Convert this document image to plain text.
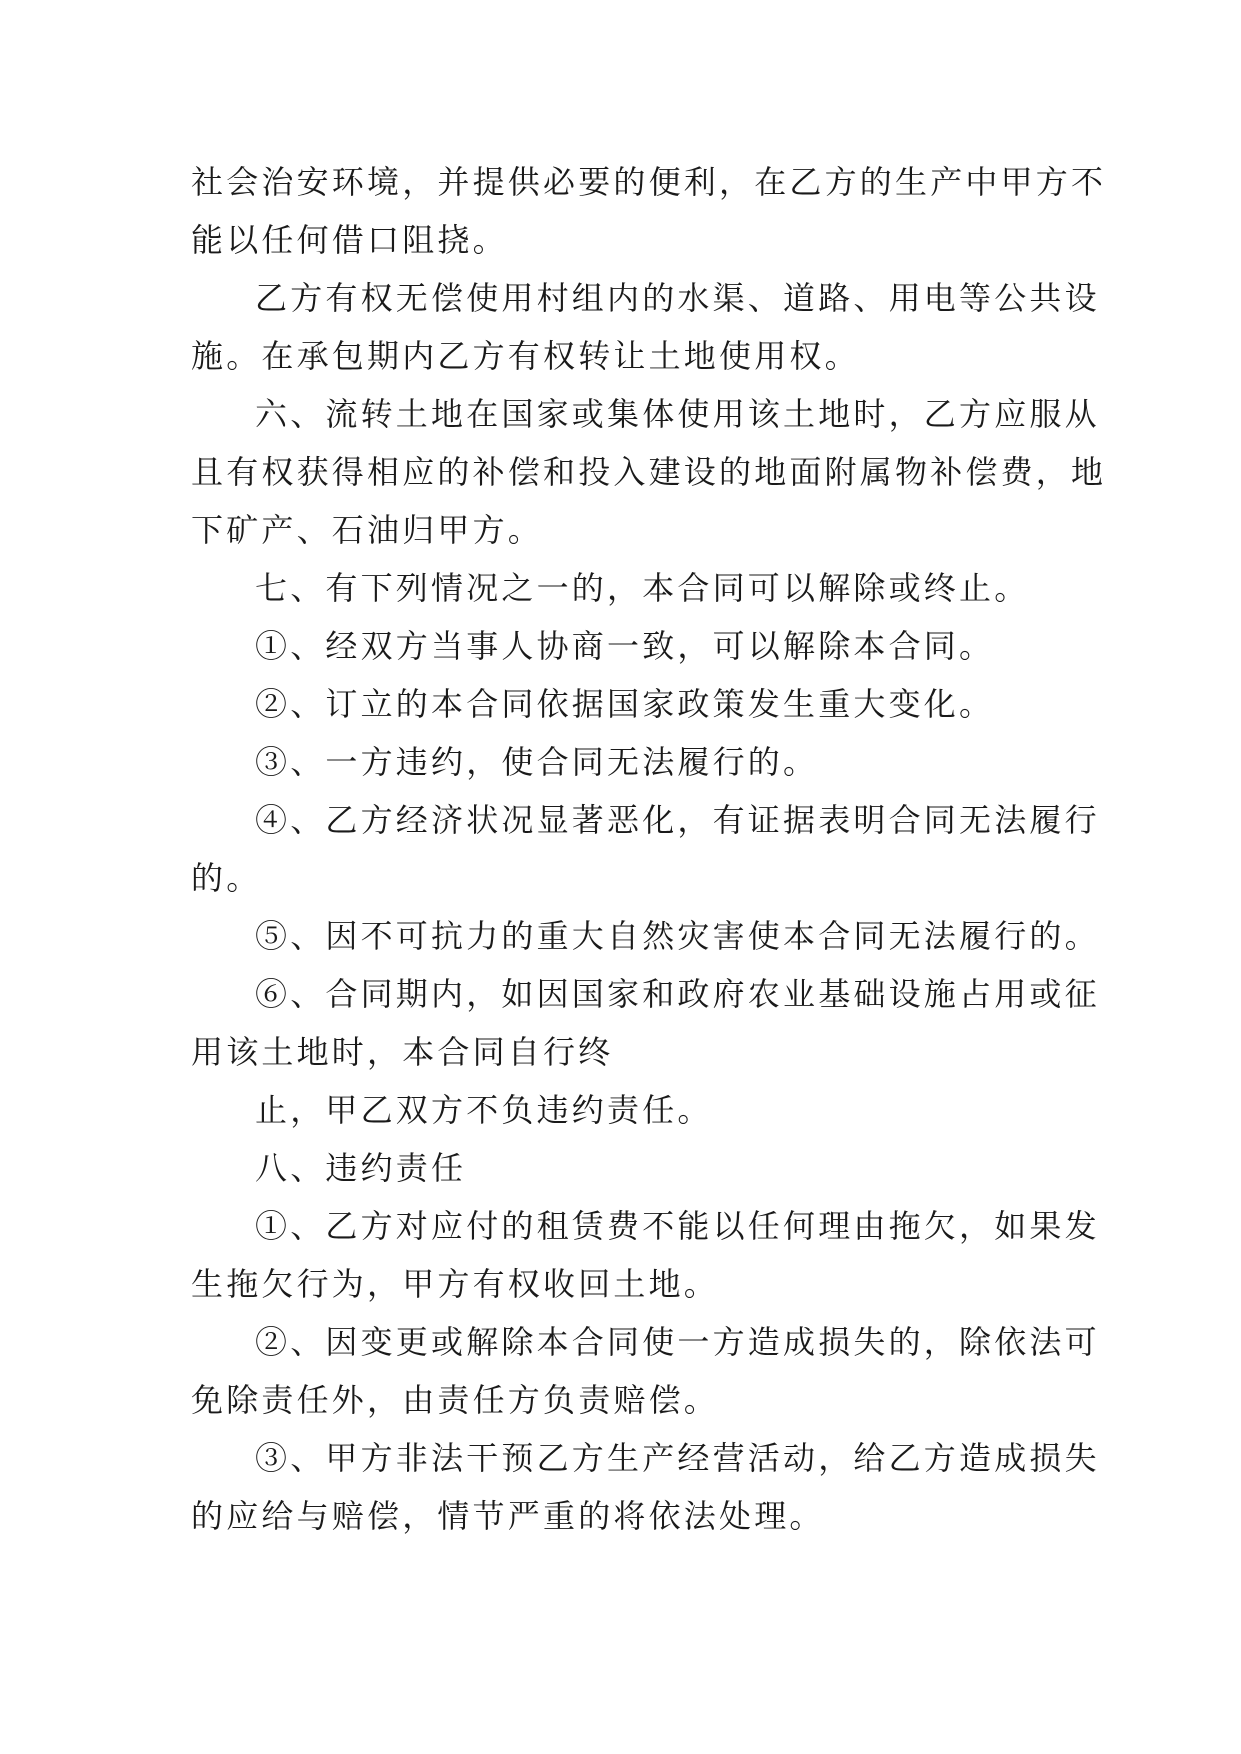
社会治安环境，并提供必要的便利，在乙方的生产中甲方不

能以任何借口阻挠。

乙方有权无偿使用村组内的水渠、道路、用电等公共设

施。在承包期内乙方有权转让土地使用权。

六、流转土地在国家或集体使用该土地时，乙方应服从

且有权获得相应的补偿和投入建设的地面附属物补偿费，地

下矿产、石油归甲方。

七、有下列情况之一的，本合同可以解除或终止。

①、经双方当事人协商一致，可以解除本合同。

②、订立的本合同依据国家政策发生重大变化。

③、一方违约，使合同无法履行的。

④、乙方经济状况显著恶化，有证据表明合同无法履行

的。

⑤、因不可抗力的重大自然灾害使本合同无法履行的。

⑥、合同期内，如因国家和政府农业基础设施占用或征

用该土地时，本合同自行终

止，甲乙双方不负违约责任。

八、违约责任

①、乙方对应付的租赁费不能以任何理由拖欠，如果发

生拖欠行为，甲方有权收回土地。

②、因变更或解除本合同使一方造成损失的，除依法可

免除责任外，由责任方负责赔偿。

③、甲方非法干预乙方生产经营活动，给乙方造成损失

的应给与赔偿，情节严重的将依法处理。
